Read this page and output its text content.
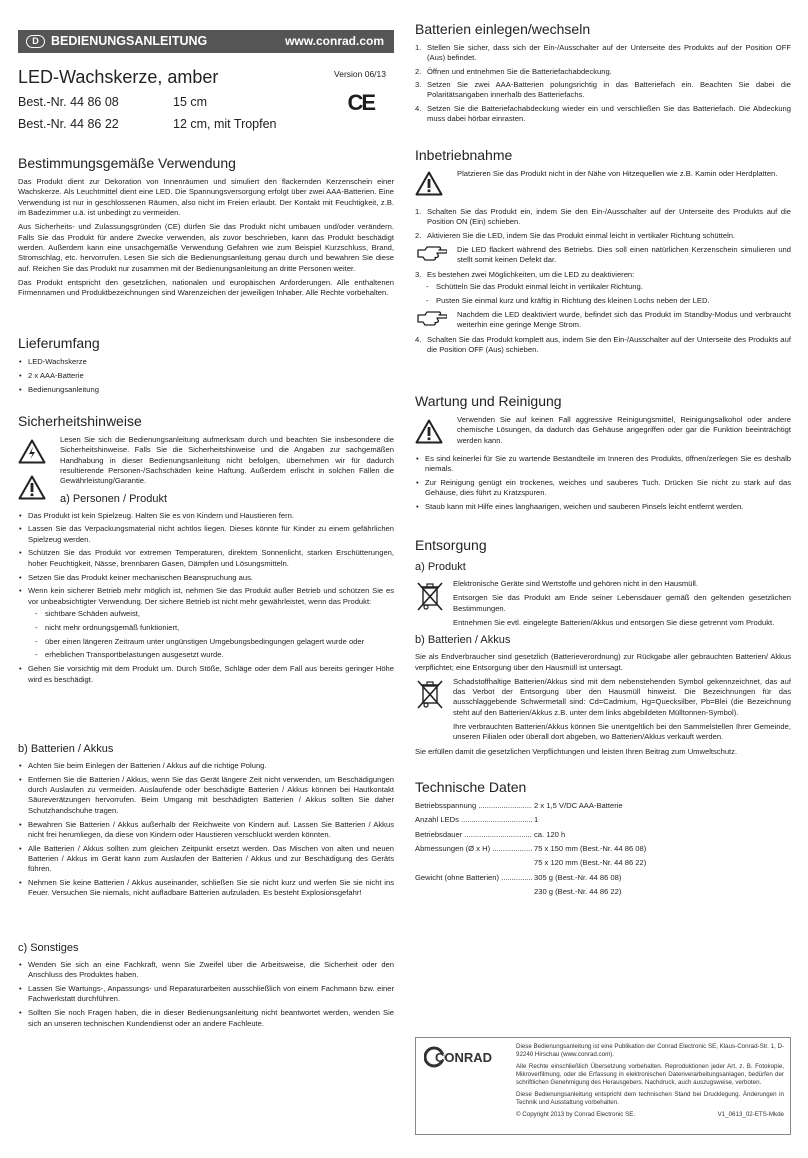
D BEDIENUNGSANLEITUNG	www.conrad.com
LED-Wachskerze, amber	Version 06/13
CE
Best.-Nr. 44 86 08	15 cm
Best.-Nr. 44 86 22	12 cm, mit Tropfen
Bestimmungsgemäße Verwendung

Das Produkt dient zur Dekoration von Innenräumen und simuliert den flackernden Kerzenschein einer Wachskerze. Als Leuchtmittel dient eine LED. Die Spannungsversorgung erfolgt über zwei AAA-Batterien. Eine Verwendung ist nur in geschlossenen Räumen, also nicht im Freien erlaubt. Der Kontakt mit Feuchtigkeit, z.B. im Badezimmer u.ä. ist unbedingt zu vermeiden.

Aus Sicherheits- und Zulassungsgründen (CE) dürfen Sie das Produkt nicht umbauen und/oder verändern. Falls Sie das Produkt für andere Zwecke verwenden, als zuvor beschrieben, kann das Produkt beschädigt werden. Außerdem kann eine unsachgemäße Verwendung Gefahren wie zum Beispiel Kurzschluss, Brand, Stromschlag, etc. hervorrufen. Lesen Sie sich die Bedienungsanleitung genau durch und bewahren Sie diese auf. Reichen Sie das Produkt nur zusammen mit der Bedienungsanleitung an dritte Personen weiter.

Das Produkt entspricht den gesetzlichen, nationalen und europäischen Anforderungen. Alle enthaltenen Firmennamen und Produktbezeichnungen sind Warenzeichen der jeweiligen Inhaber. Alle Rechte vorbehalten.

Lieferumfang
• LED-Wachskerze
• 2 x AAA-Batterie
• Bedienungsanleitung
Sicherheitshinweise

Lesen Sie sich die Bedienungsanleitung aufmerksam durch und beachten Sie insbesondere die Sicherheitshinweise. Falls Sie die Sicherheitshinweise und die Angaben zur sachgemäßen Handhabung in dieser Bedienungsanleitung nicht befolgen, übernehmen wir für dadurch resultierende Personen-/Sachschäden keine Haftung. Außerdem erlischt in solchen Fällen die Gewährleistung/Garantie.

a) Personen / Produkt
• Das Produkt ist kein Spielzeug. Halten Sie es von Kindern und Haustieren fern.
• Lassen Sie das Verpackungsmaterial nicht achtlos liegen. Dieses könnte für Kinder zu einem gefährlichen Spielzeug werden.
• Schützen Sie das Produkt vor extremen Temperaturen, direktem Sonnenlicht, starken Erschütterungen, hoher Feuchtigkeit, Nässe, brennbaren Gasen, Dämpfen und Lösungsmitteln.
• Setzen Sie das Produkt keiner mechanischen Beanspruchung aus.
• Wenn kein sicherer Betrieb mehr möglich ist, nehmen Sie das Produkt außer Betrieb und schützen Sie es vor unbeabsichtigter Verwendung. Der sichere Betrieb ist nicht mehr gewährleistet, wenn das Produkt:
- sichtbare Schäden aufweist,
- nicht mehr ordnungsgemäß funktioniert,
- über einen längeren Zeitraum unter ungünstigen Umgebungsbedingungen gelagert wurde oder
- erheblichen Transportbelastungen ausgesetzt wurde.
• Gehen Sie vorsichtig mit dem Produkt um. Durch Stöße, Schläge oder dem Fall aus bereits geringer Höhe wird es beschädigt.
b) Batterien / Akkus
• Achten Sie beim Einlegen der Batterien / Akkus auf die richtige Polung.
• Entfernen Sie die Batterien / Akkus, wenn Sie das Gerät längere Zeit nicht verwenden, um Beschädigungen durch Auslaufen zu vermeiden. Auslaufende oder beschädigte Batterien / Akkus können bei Hautkontakt Säureverätzungen hervorrufen. Beim Umgang mit beschädigten Batterien / Akkus sollten Sie daher Schutzhandschuhe tragen.
• Bewahren Sie Batterien / Akkus außerhalb der Reichweite von Kindern auf. Lassen Sie Batterien / Akkus nicht frei herumliegen, da diese von Kindern oder Haustieren verschluckt werden könnten.
• Alle Batterien / Akkus sollten zum gleichen Zeitpunkt ersetzt werden. Das Mischen von alten und neuen Batterien / Akkus im Gerät kann zum Auslaufen der Batterien / Akkus und zur Beschädigung des Geräts führen.
• Nehmen Sie keine Batterien / Akkus auseinander, schließen Sie sie nicht kurz und werfen Sie sie nicht ins Feuer. Versuchen Sie niemals, nicht aufladbare Batterien aufzuladen. Es besteht Explosionsgefahr!
c) Sonstiges
• Wenden Sie sich an eine Fachkraft, wenn Sie Zweifel über die Arbeitsweise, die Sicherheit oder den Anschluss des Produktes haben.
• Lassen Sie Wartungs-, Anpassungs- und Reparaturarbeiten ausschließlich von einem Fachmann bzw. einer Fachwerkstatt durchführen.
• Sollten Sie noch Fragen haben, die in dieser Bedienungsanleitung nicht beantwortet werden, wenden Sie sich an unseren technischen Kundendienst oder an andere Fachleute.
Batterien einlegen/wechseln
1. Stellen Sie sicher, dass sich der Ein-/Ausschalter auf der Unterseite des Produkts auf der Position OFF (Aus) befindet.
2. Öffnen und entnehmen Sie die Batteriefachabdeckung.
3. Setzen Sie zwei AAA-Batterien polungsrichtig in das Batteriefach ein. Beachten Sie dabei die Polaritätsangaben innerhalb des Batteriefachs.
4. Setzen Sie die Batteriefachabdeckung wieder ein und verschließen Sie das Batteriefach. Die Abdeckung muss dabei hörbar einrasten.
Inbetriebnahme

Platzieren Sie das Produkt nicht in der Nähe von Hitzequellen wie z.B. Kamin oder Herdplatten.

1. Schalten Sie das Produkt ein, indem Sie den Ein-/Ausschalter auf der Unterseite des Produkts auf die Position ON (Ein) schieben.
2. Aktivieren Sie die LED, indem Sie das Produkt einmal leicht in vertikaler Richtung schütteln.
Die LED flackert während des Betriebs. Dies soll einen natürlichen Kerzenschein simulieren und stellt somit keinen Defekt dar.
3. Es bestehen zwei Möglichkeiten, um die LED zu deaktivieren:
- Schütteln Sie das Produkt einmal leicht in vertikaler Richtung.
- Pusten Sie einmal kurz und kräftig in Richtung des kleinen Lochs neben der LED.
Nachdem die LED deaktiviert wurde, befindet sich das Produkt im Standby-Modus und verbraucht weiterhin eine geringe Menge Strom.
4. Schalten Sie das Produkt komplett aus, indem Sie den Ein-/Ausschalter auf der Unterseite des Produkts auf die Position OFF (Aus) schieben.
Wartung und Reinigung

Verwenden Sie auf keinen Fall aggressive Reinigungsmittel, Reinigungsalkohol oder andere chemische Lösungen, da dadurch das Gehäuse angegriffen oder gar die Funktion beeinträchtigt werden kann.

• Es sind keinerlei für Sie zu wartende Bestandteile im Inneren des Produkts, öffnen/zerlegen Sie es deshalb niemals.
• Zur Reinigung genügt ein trockenes, weiches und sauberes Tuch. Drücken Sie nicht zu stark auf das Gehäuse, dies führt zu Kratzspuren.
• Staub kann mit Hilfe eines langhaarigen, weichen und sauberen Pinsels leicht entfernt werden.
Entsorgung
a) Produkt

Elektronische Geräte sind Wertstoffe und gehören nicht in den Hausmüll.

Entsorgen Sie das Produkt am Ende seiner Lebensdauer gemäß den geltenden gesetzlichen Bestimmungen.

Entnehmen Sie evtl. eingelegte Batterien/Akkus und entsorgen Sie diese getrennt vom Produkt.

b) Batterien / Akkus

Sie als Endverbraucher sind gesetzlich (Batterieverordnung) zur Rückgabe aller gebrauchten Batterien/ Akkus verpflichtet; eine Entsorgung über den Hausmüll ist untersagt.

Schadstoffhaltige Batterien/Akkus sind mit dem nebenstehenden Symbol gekennzeichnet, das auf das Verbot der Entsorgung über den Hausmüll hinweist. Die Bezeichnungen für das ausschlaggebende Schwermetall sind: Cd=Cadmium, Hg=Quecksilber, Pb=Blei (die Bezeichnung steht auf den Batterien/Akkus z.B. unter dem links abgebildeten Mülltonnen-Symbol).

Ihre verbrauchten Batterien/Akkus können Sie unentgeltlich bei den Sammelstellen Ihrer Gemeinde, unseren Filialen oder überall dort abgeben, wo Batterien/Akkus verkauft werden.

Sie erfüllen damit die gesetzlichen Verpflichtungen und leisten Ihren Beitrag zum Umweltschutz.

Technische Daten
Betriebsspannung .....	2 x 1,5 V/DC AAA-Batterie
Anzahl LEDs .....	1
Betriebsdauer .....	ca. 120 h
Abmessungen (Ø x H) .....	75 x 150 mm (Best.-Nr. 44 86 08)
75 x 120 mm (Best.-Nr. 44 86 22)
Gewicht (ohne Batterien) .....	305 g (Best.-Nr. 44 86 08)
230 g (Best.-Nr. 44 86 22)
CONRAD

Diese Bedienungsanleitung ist eine Publikation der Conrad Electronic SE, Klaus-Conrad-Str. 1, D-92240 Hirschau (www.conrad.com).

Alle Rechte einschließlich Übersetzung vorbehalten. Reproduktionen jeder Art, z. B. Fotokopie, Mikroverfilmung, oder die Erfassung in elektronischen Datenverarbeitungsanlagen, bedürfen der schriftlichen Genehmigung des Herausgebers. Nachdruck, auch auszugsweise, verboten.

Diese Bedienungsanleitung entspricht dem technischen Stand bei Drucklegung. Änderungen in Technik und Ausstattung vorbehalten.

© Copyright 2013 by Conrad Electronic SE.	V1_0613_02-ETS-Mkde
